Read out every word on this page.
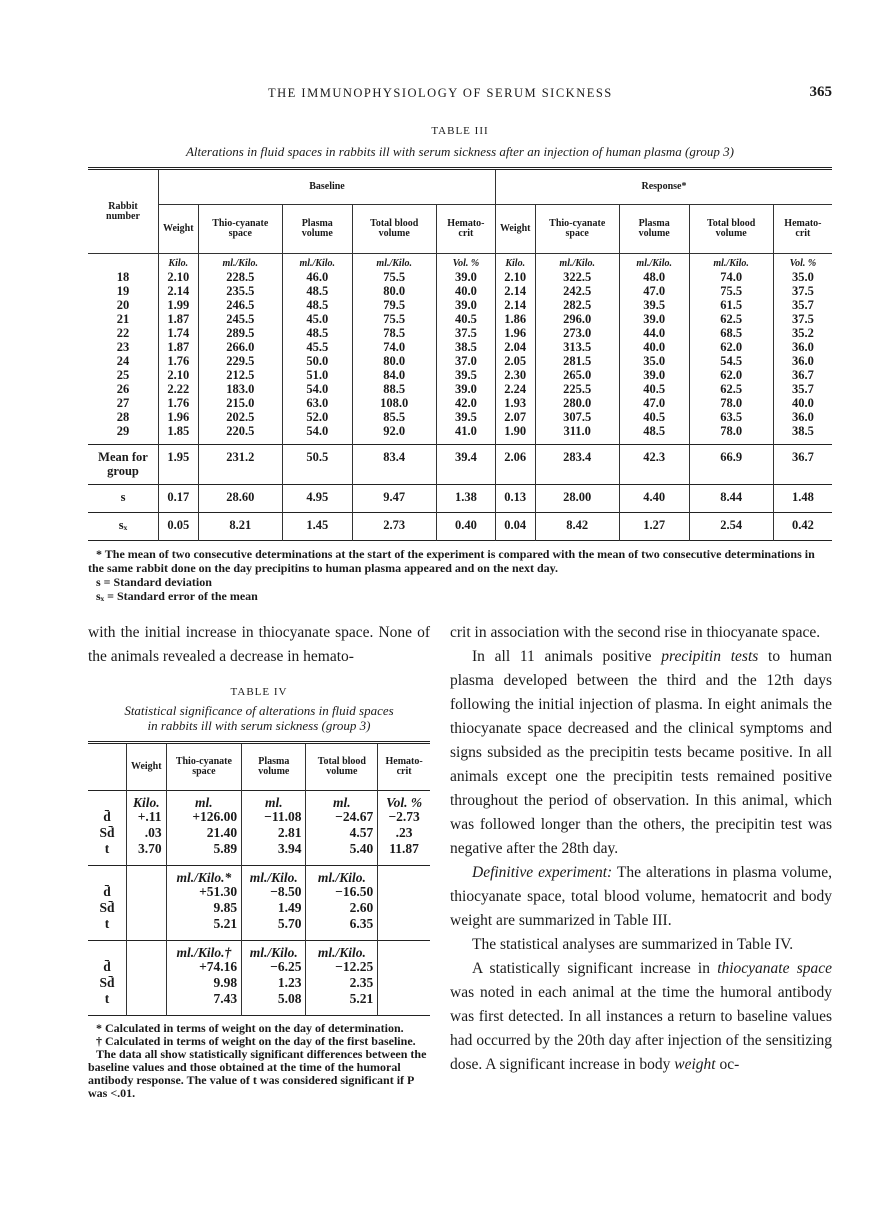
THE IMMUNOPHYSIOLOGY OF SERUM SICKNESS	365
TABLE III
Alterations in fluid spaces in rabbits ill with serum sickness after an injection of human plasma (group 3)
Rabbit number	Baseline					Response*				
	Weight	Thio-cyanate space	Plasma volume	Total blood volume	Hemato-crit	Weight	Thio-cyanate space	Plasma volume	Total blood volume	Hemato-crit
	Kilo.	ml./Kilo.	ml./Kilo.	ml./Kilo.	Vol. %	Kilo.	ml./Kilo.	ml./Kilo.	ml./Kilo.	Vol. %
18	2.10	228.5	46.0	75.5	39.0	2.10	322.5	48.0	74.0	35.0
19	2.14	235.5	48.5	80.0	40.0	2.14	242.5	47.0	75.5	37.5
20	1.99	246.5	48.5	79.5	39.0	2.14	282.5	39.5	61.5	35.7
21	1.87	245.5	45.0	75.5	40.5	1.86	296.0	39.0	62.5	37.5
22	1.74	289.5	48.5	78.5	37.5	1.96	273.0	44.0	68.5	35.2
23	1.87	266.0	45.5	74.0	38.5	2.04	313.5	40.0	62.0	36.0
24	1.76	229.5	50.0	80.0	37.0	2.05	281.5	35.0	54.5	36.0
25	2.10	212.5	51.0	84.0	39.5	2.30	265.0	39.0	62.0	36.7
26	2.22	183.0	54.0	88.5	39.0	2.24	225.5	40.5	62.5	35.7
27	1.76	215.0	63.0	108.0	42.0	1.93	280.0	47.0	78.0	40.0
28	1.96	202.5	52.0	85.5	39.5	2.07	307.5	40.5	63.5	36.0
29	1.85	220.5	54.0	92.0	41.0	1.90	311.0	48.5	78.0	38.5
Mean for group	1.95	231.2	50.5	83.4	39.4	2.06	283.4	42.3	66.9	36.7
s	0.17	28.60	4.95	9.47	1.38	0.13	28.00	4.40	8.44	1.48
sₓ	0.05	8.21	1.45	2.73	0.40	0.04	8.42	1.27	2.54	0.42
* The mean of two consecutive determinations at the start of the experiment is compared with the mean of two consecutive determinations in the same rabbit done on the day precipitins to human plasma appeared and on the next day.
s = Standard deviation
sₓ = Standard error of the mean

with the initial increase in thiocyanate space. None of the animals revealed a decrease in hemato-

TABLE IV
Statistical significance of alterations in fluid spaces in rabbits ill with serum sickness (group 3)
	Weight	Thio-cyanate space	Plasma volume	Total blood volume	Hemato-crit
	Kilo.	ml.	ml.	ml.	Vol. %
d̄	+.11	+126.00	−11.08	−24.67	−2.73
Sd̄	.03	21.40	2.81	4.57	.23
t	3.70	5.89	3.94	5.40	11.87
		ml./Kilo.*	ml./Kilo.	ml./Kilo.	
d̄		+51.30	−8.50	−16.50	
Sd̄		9.85	1.49	2.60	
t		5.21	5.70	6.35	
		ml./Kilo.†	ml./Kilo.	ml./Kilo.	
d̄		+74.16	−6.25	−12.25	
Sd̄		9.98	1.23	2.35	
t		7.43	5.08	5.21	

* Calculated in terms of weight on the day of determination.

† Calculated in terms of weight on the day of the first baseline.

The data all show statistically significant differences between the baseline values and those obtained at the time of the humoral antibody response. The value of t was considered significant if P was <.01.

crit in association with the second rise in thiocyanate space.

In all 11 animals positive precipitin tests to human plasma developed between the third and the 12th days following the initial injection of plasma. In eight animals the thiocyanate space decreased and the clinical symptoms and signs subsided as the precipitin tests became positive. In all animals except one the precipitin tests remained positive throughout the period of observation. In this animal, which was followed longer than the others, the precipitin test was negative after the 28th day.

Definitive experiment: The alterations in plasma volume, thiocyanate space, total blood volume, hematocrit and body weight are summarized in Table III.

The statistical analyses are summarized in Table IV.

A statistically significant increase in thiocyanate space was noted in each animal at the time the humoral antibody was first detected. In all instances a return to baseline values had occurred by the 20th day after injection of the sensitizing dose. A significant increase in body weight oc-
